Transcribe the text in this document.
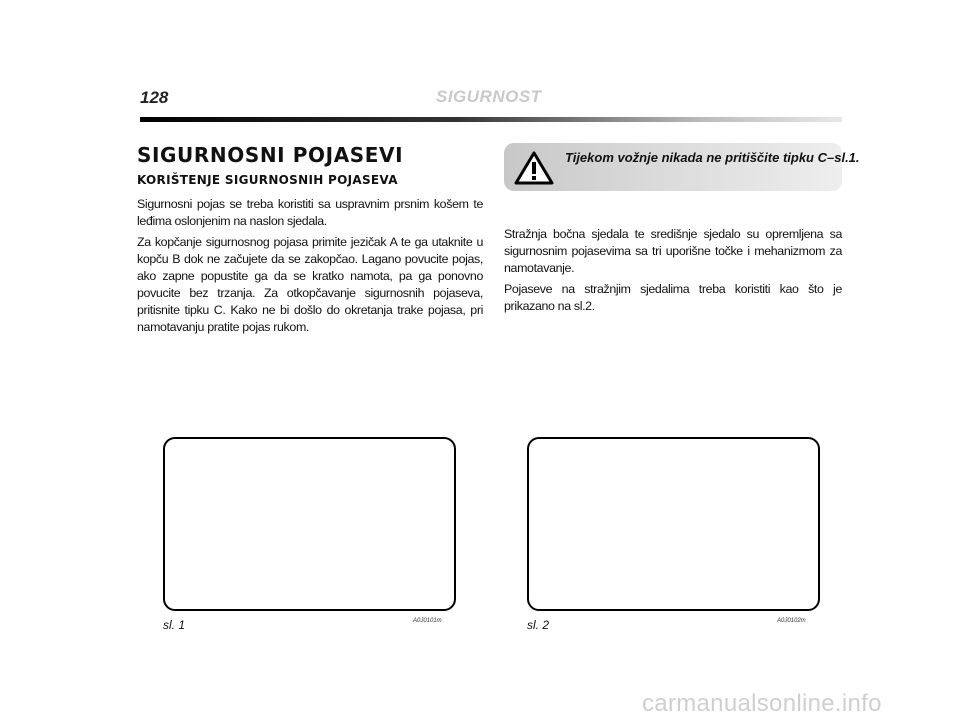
128	SIGURNOST
SIGURNOSNI POJASEVI
KORIŠTENJE SIGURNOSNIH POJASEVA

Sigurnosni pojas se treba koristiti sa uspravnim prsnim košem te leđima oslonjenim na naslon sjedala.

Za kopčanje sigurnosnog pojasa primite jezičak A te ga utaknite u kopču B dok ne začujete da se zakopčao. Lagano povucite pojas, ako zapne popustite ga da se kratko namota, pa ga ponovno povucite bez trzanja. Za otkopčavanje sigurnosnih pojaseva, pritisnite tipku C. Kako ne bi došlo do okretanja trake pojasa, pri namotavanju pratite pojas rukom.

Tijekom vožnje nikada ne pritiščite tipku C–sl.1.

Stražnja bočna sjedala te središnje sjedalo su opremljena sa sigurnosnim pojasevima sa tri uporišne točke i mehanizmom za namotavanje.

Pojaseve na stražnjim sjedalima treba koristiti kao što je prikazano na sl.2.

sl. 1	A0J0101m	sl. 2	A0J0102m
carmanualsonline.info
